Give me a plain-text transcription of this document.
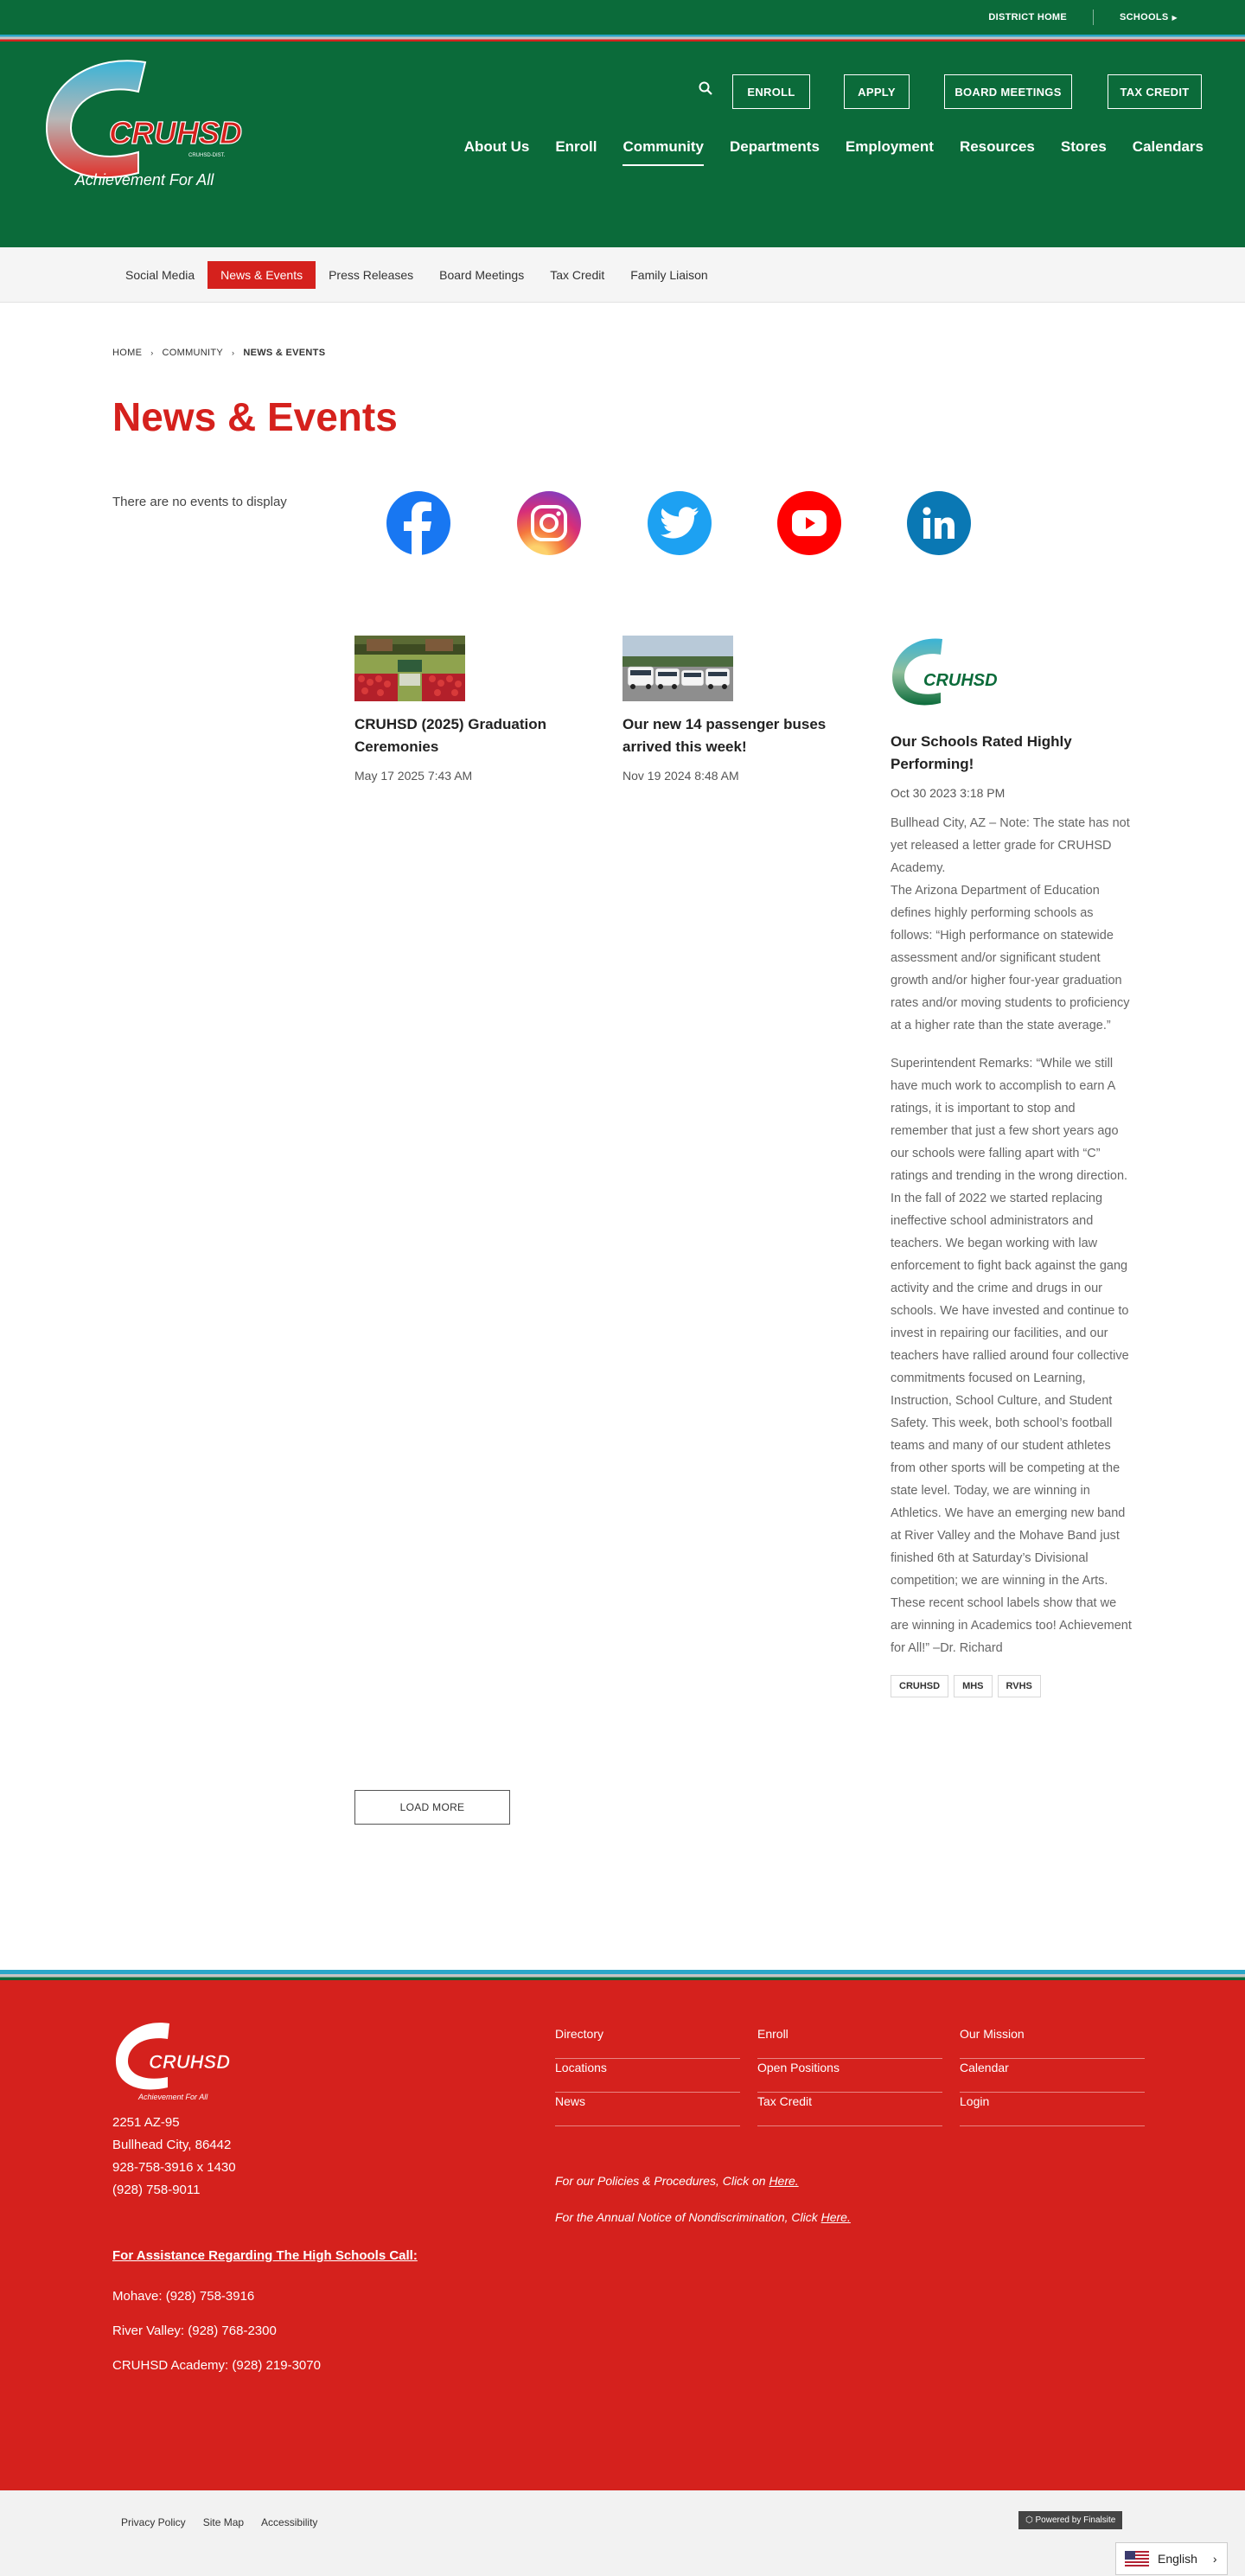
DISTRICT HOME	SCHOOLS ▶
CRUHSD
CRUHSD-DIST.
Achievement For All
ENROLL	APPLY	BOARD MEETINGS	TAX CREDIT
About Us Enroll Community Departments Employment Resources Stores Calendars
Social Media	News & Events	Press Releases	Board Meetings	Tax Credit	Family Liaison
HOME › COMMUNITY › NEWS & EVENTS
News & Events
There are no events to display
CRUHSD (2025) Graduation Ceremonies
May 17 2025 7:43 AM
Our new 14 passenger buses arrived this week!
Nov 19 2024 8:48 AM
CRUHSD
Our Schools Rated Highly Performing!
Oct 30 2023 3:18 PM

Bullhead City, AZ – Note: The state has not yet released a letter grade for CRUHSD Academy.
The Arizona Department of Education defines highly performing schools as follows: “High performance on statewide assessment and/or significant student growth and/or higher four-year graduation rates and/or moving students to proficiency at a higher rate than the state average.”

Superintendent Remarks: “While we still have much work to accomplish to earn A ratings, it is important to stop and remember that just a few short years ago our schools were falling apart with “C” ratings and trending in the wrong direction. In the fall of 2022 we started replacing ineffective school administrators and teachers. We began working with law enforcement to fight back against the gang activity and the crime and drugs in our schools. We have invested and continue to invest in repairing our facilities, and our teachers have rallied around four collective commitments focused on Learning, Instruction, School Culture, and Student Safety. This week, both school’s football teams and many of our student athletes from other sports will be competing at the state level. Today, we are winning in Athletics. We have an emerging new band at River Valley and the Mohave Band just finished 6th at Saturday’s Divisional competition; we are winning in the Arts. These recent school labels show that we are winning in Academics too! Achievement for All!” –Dr. Richard

CRUHSD	MHS	RVHS
LOAD MORE
CRUHSD
Achievement For All
2251 AZ-95
Bullhead City, 86442
928-758-3916 x 1430
(928) 758-9011
For Assistance Regarding The High Schools Call:
Mohave: (928) 758-3916
River Valley: (928) 768-2300
CRUHSD Academy: (928) 219-3070
Directory	Enroll	Our Mission
Locations	Open Positions	Calendar
News	Tax Credit	Login
For our Policies & Procedures, Click on Here.
For the Annual Notice of Nondiscrimination, Click Here.
Privacy Policy Site Map Accessibility	⬡ Powered by Finalsite
English ›
